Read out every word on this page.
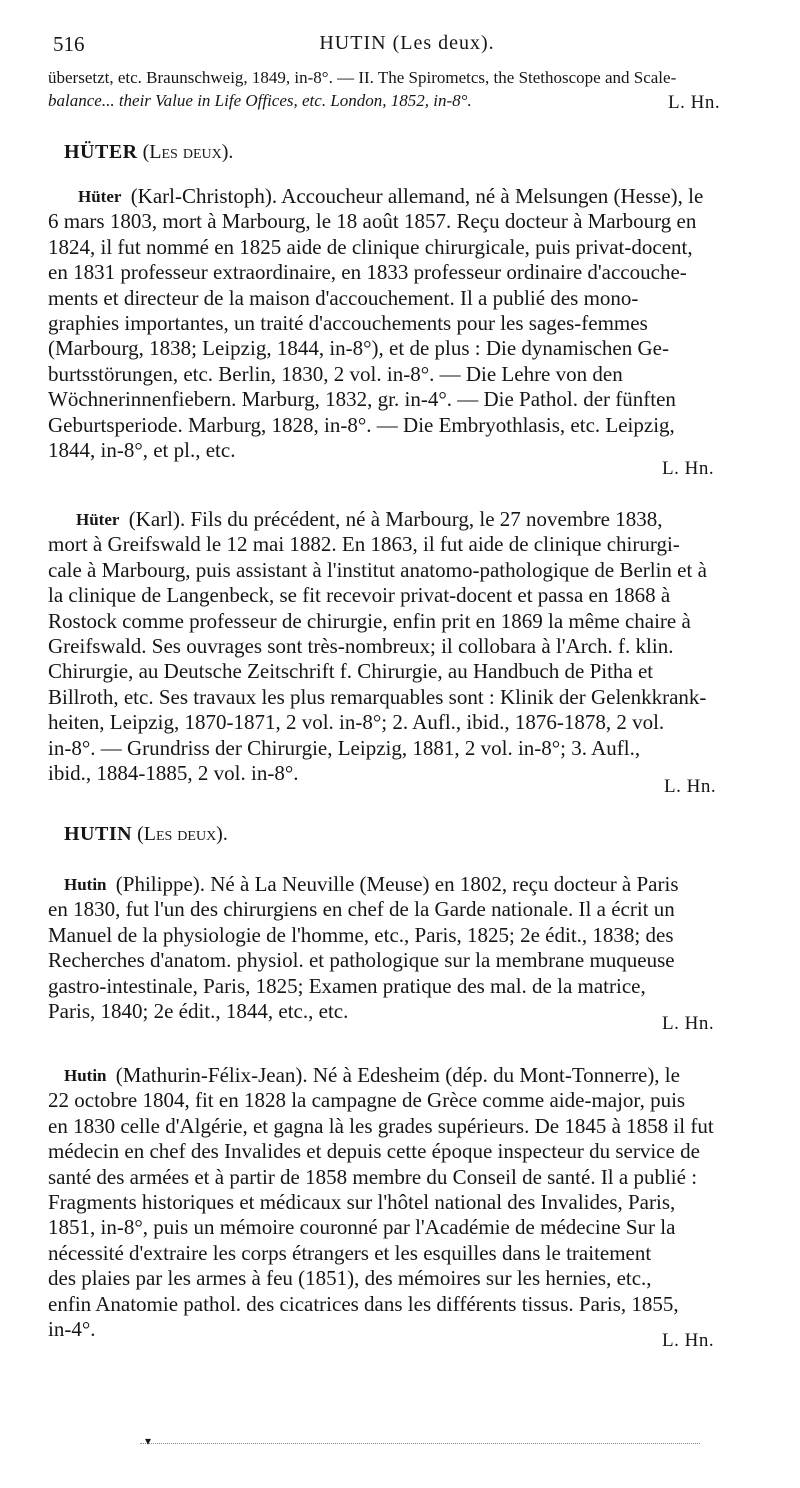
516	HUTIN (Les deux).
übersetzt, etc. Braunschweig, 1849, in-8°. — II. The Spirometcs, the Stethoscope and Scale-
balance... their Value in Life Offices, etc. London, 1852, in-8°.	L. Hn.
HÜTER (Les deux).
Hüter
(Karl-Christoph). Accoucheur allemand, né à Melsungen (Hesse), le
6 mars 1803, mort à Marbourg, le 18 août 1857. Reçu docteur à Marbourg en
1824, il fut nommé en 1825 aide de clinique chirurgicale, puis privat-docent,
en 1831 professeur extraordinaire, en 1833 professeur ordinaire d'accouche-
ments et directeur de la maison d'accouchement. Il a publié des mono-
graphies importantes, un traité d'accouchements pour les sages-femmes
(Marbourg, 1838; Leipzig, 1844, in-8°), et de plus : Die dynamischen Ge-
burtsstörungen, etc. Berlin, 1830, 2 vol. in-8°. — Die Lehre von den
Wöchnerinnenfiebern. Marburg, 1832, gr. in-4°. — Die Pathol. der fünften
Geburtsperiode. Marburg, 1828, in-8°. — Die Embryothlasis, etc. Leipzig,
1844, in-8°, et pl., etc.
L. Hn.
Hüter
(Karl). Fils du précédent, né à Marbourg, le 27 novembre 1838,
mort à Greifswald le 12 mai 1882. En 1863, il fut aide de clinique chirurgi-
cale à Marbourg, puis assistant à l'institut anatomo-pathologique de Berlin et à
la clinique de Langenbeck, se fit recevoir privat-docent et passa en 1868 à
Rostock comme professeur de chirurgie, enfin prit en 1869 la même chaire à
Greifswald. Ses ouvrages sont très-nombreux; il collobara à l'Arch. f. klin.
Chirurgie, au Deutsche Zeitschrift f. Chirurgie, au Handbuch de Pitha et
Billroth, etc. Ses travaux les plus remarquables sont : Klinik der Gelenkkrank-
heiten, Leipzig, 1870-1871, 2 vol. in-8°; 2. Aufl., ibid., 1876-1878, 2 vol.
in-8°. — Grundriss der Chirurgie, Leipzig, 1881, 2 vol. in-8°; 3. Aufl.,
ibid., 1884-1885, 2 vol. in-8°.
L. Hn.
HUTIN (Les deux).
Hutin
(Philippe). Né à La Neuville (Meuse) en 1802, reçu docteur à Paris
en 1830, fut l'un des chirurgiens en chef de la Garde nationale. Il a écrit un
Manuel de la physiologie de l'homme, etc., Paris, 1825; 2e édit., 1838; des
Recherches d'anatom. physiol. et pathologique sur la membrane muqueuse
gastro-intestinale, Paris, 1825; Examen pratique des mal. de la matrice,
Paris, 1840; 2e édit., 1844, etc., etc.
L. Hn.
Hutin
(Mathurin-Félix-Jean). Né à Edesheim (dép. du Mont-Tonnerre), le
22 octobre 1804, fit en 1828 la campagne de Grèce comme aide-major, puis
en 1830 celle d'Algérie, et gagna là les grades supérieurs. De 1845 à 1858 il fut
médecin en chef des Invalides et depuis cette époque inspecteur du service de
santé des armées et à partir de 1858 membre du Conseil de santé. Il a publié :
Fragments historiques et médicaux sur l'hôtel national des Invalides, Paris,
1851, in-8°, puis un mémoire couronné par l'Académie de médecine Sur la
nécessité d'extraire les corps étrangers et les esquilles dans le traitement
des plaies par les armes à feu (1851), des mémoires sur les hernies, etc.,
enfin Anatomie pathol. des cicatrices dans les différents tissus. Paris, 1855,
in-4°.	L. Hn.
▾
